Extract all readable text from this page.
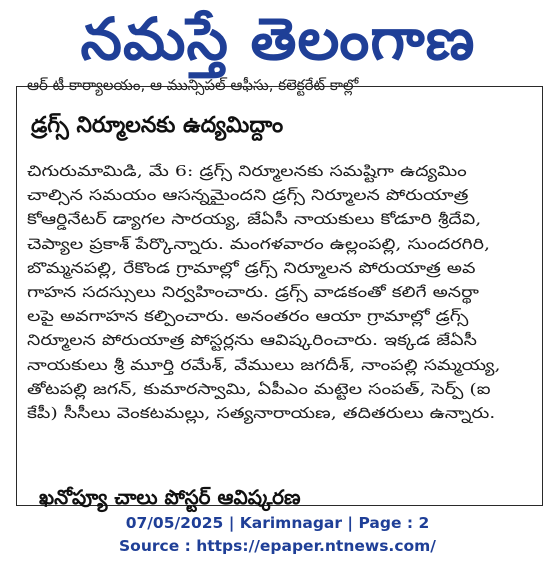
నమస్తే తెలంగాణ
ఆర్ టీ కార్యాలయం, ఆ మున్సిపల్ ఆఫీసు, కలెక్టరేట్ కాల్లో
డ్రగ్స్ నిర్మూలనకు ఉద్యమిద్దాం
చిగురుమామిడి, మే 6: డ్రగ్స్ నిర్మూలనకు సమష్టిగా ఉద్యమిం
చాల్సిన సమయం ఆసన్నమైందని డ్రగ్స్ నిర్మూలన పోరుయాత్ర
కోఆర్డినేటర్ డ్యాగల సారయ్య, జేఏసీ నాయకులు కోడూరి శ్రీదేవి,
చెప్యాల ప్రకాశ్ పేర్కొన్నారు. మంగళవారం ఉల్లంపల్లి, సుందరగిరి,
బొమ్మనపల్లి, రేకొండ గ్రామాల్లో డ్రగ్స్ నిర్మూలన పోరుయాత్ర అవ
గాహన సదస్సులు నిర్వహించారు. డ్రగ్స్ వాడకంతో కలిగే అనర్థా
లపై అవగాహన కల్పించారు. అనంతరం ఆయా గ్రామాల్లో డ్రగ్స్
నిర్మూలన పోరుయాత్ర పోస్టర్లను ఆవిష్కరించారు. ఇక్కడ జేఏసీ
నాయకులు శ్రీ మూర్తి రమేశ్, వేములు జగదీశ్, నాంపల్లి సమ్మయ్య,
తోటపల్లి జగన్, కుమారస్వామి, ఏపీఎం మట్టెల సంపత్, సెర్ప్ (ఐ
కేపీ) సీసీలు వెంకటమల్లు, సత్యనారాయణ, తదితరులు ఉన్నారు.
ఖనోప్యూ చాలు పోస్టర్ ఆవిష్కరణ
07/05/2025 | Karimnagar | Page : 2
Source : https://epaper.ntnews.com/
